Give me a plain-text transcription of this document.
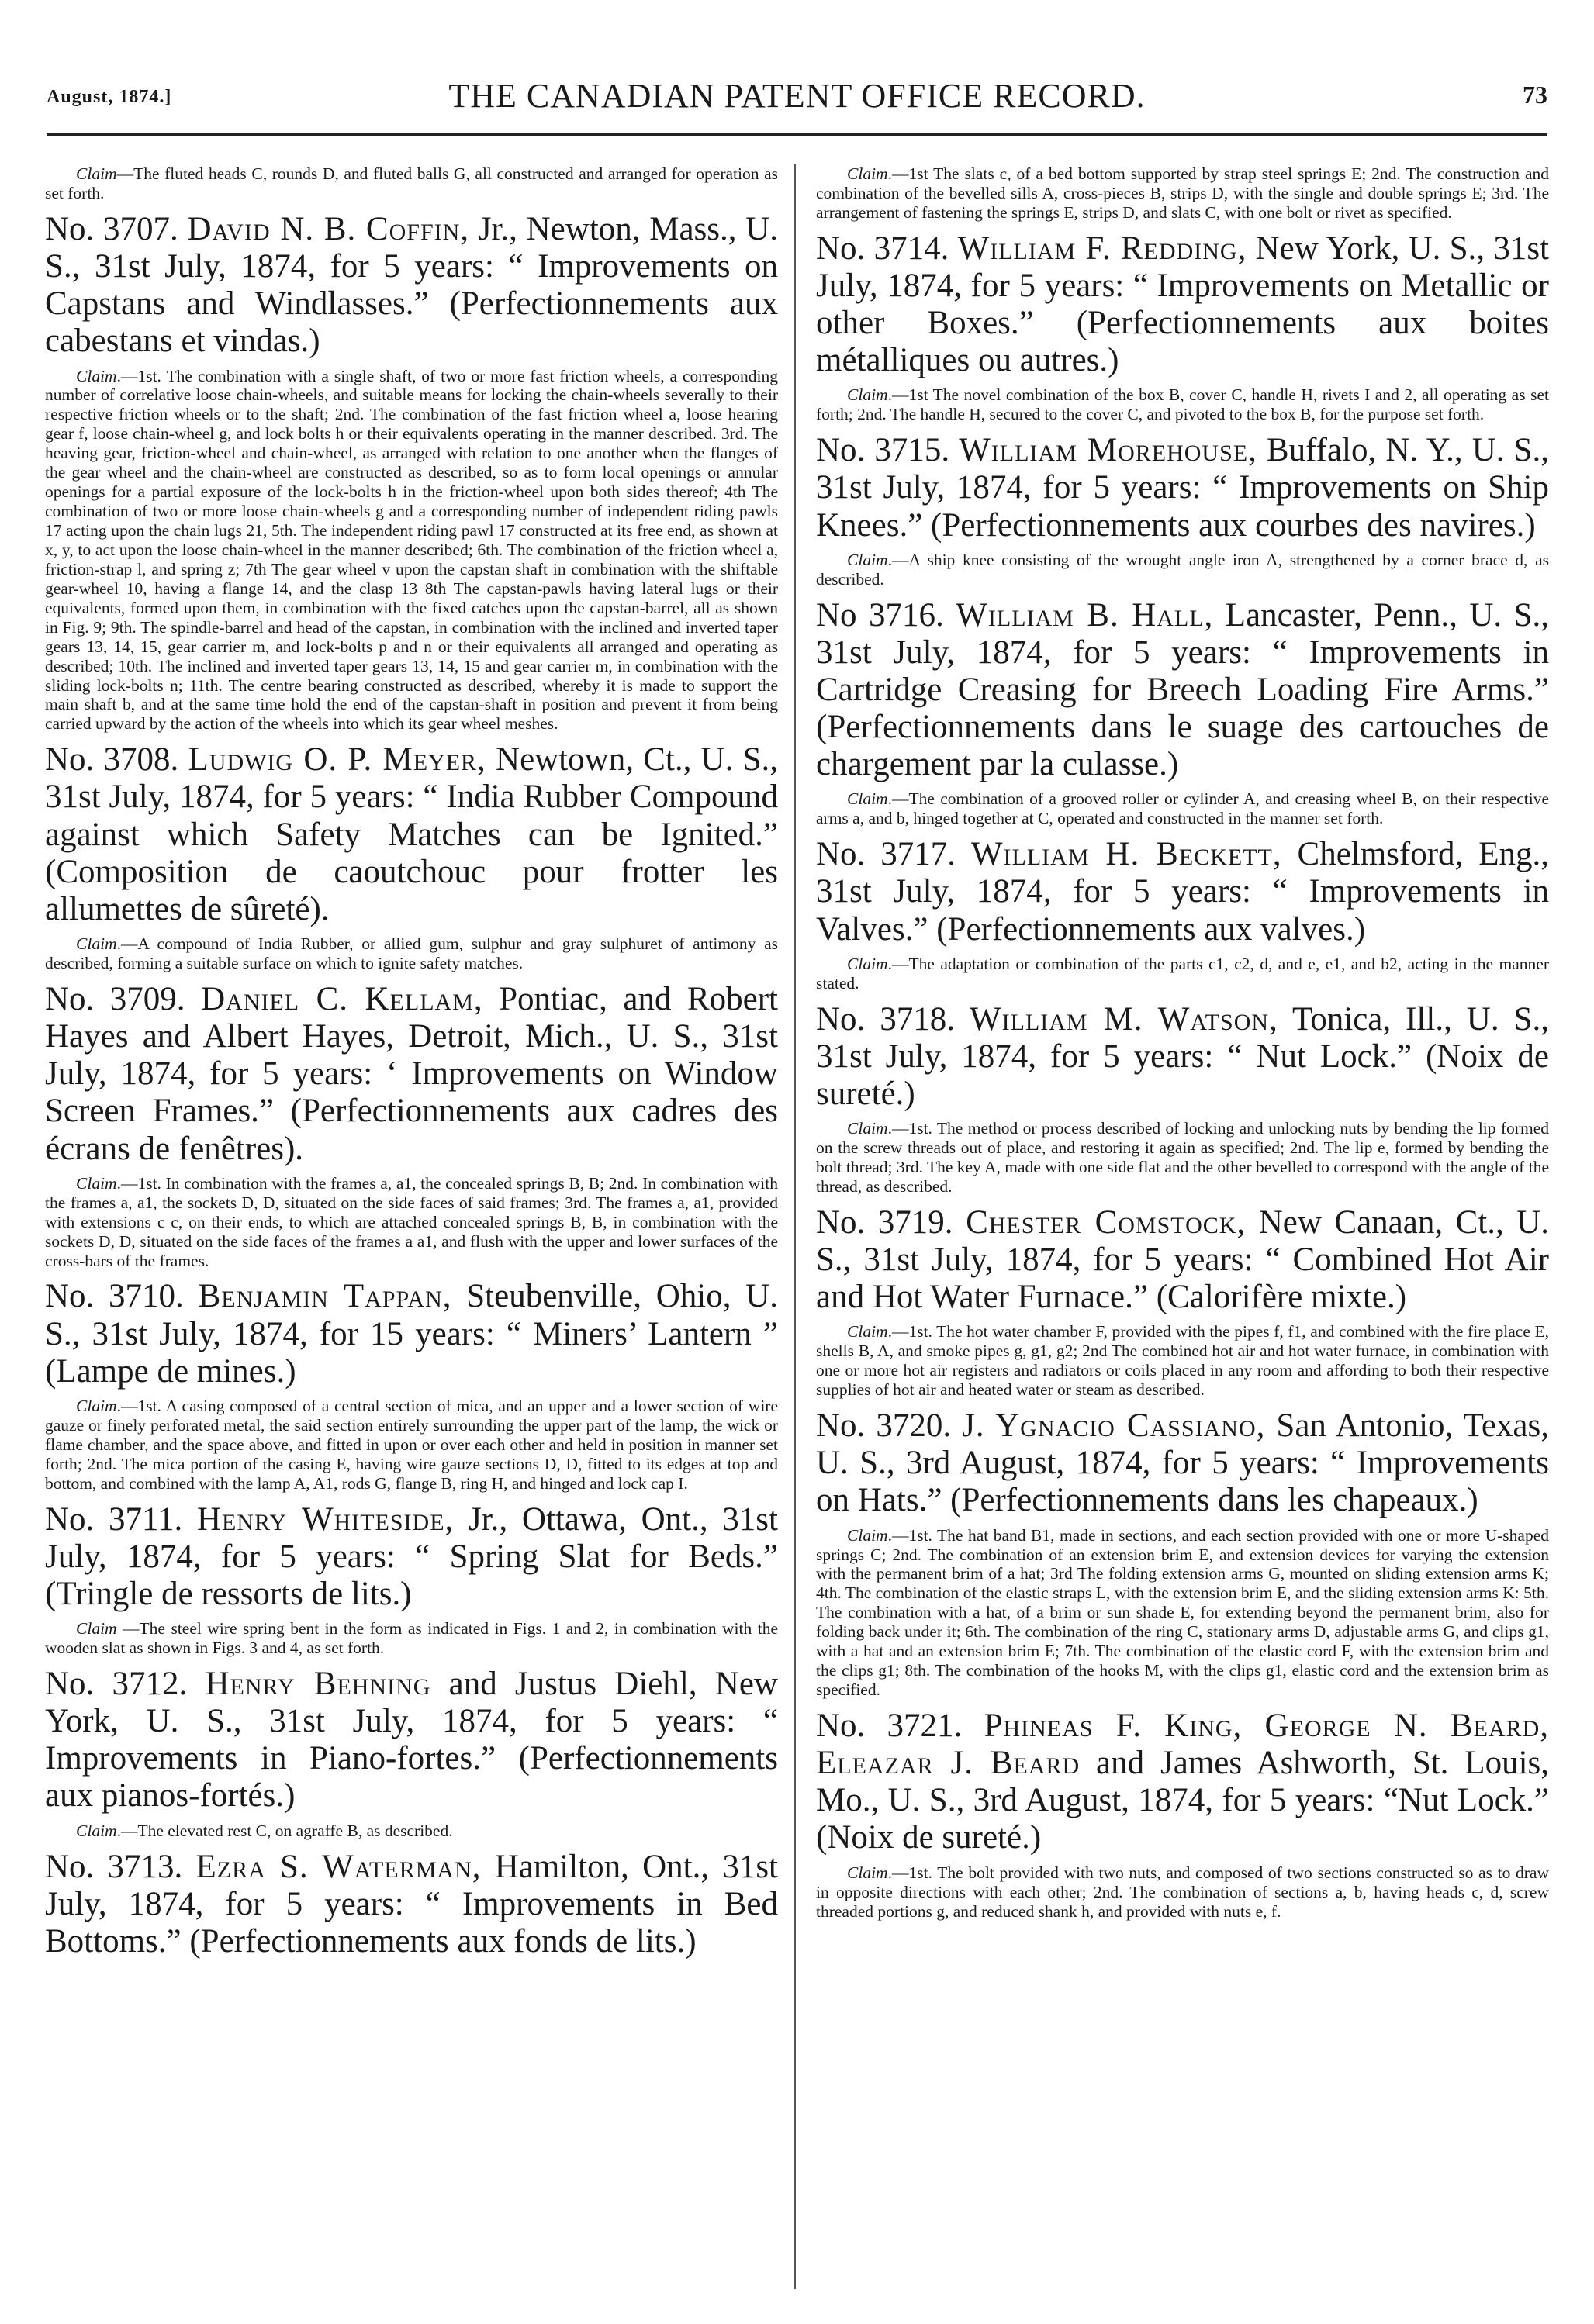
August, 1874.]	THE CANADIAN PATENT OFFICE RECORD.	73

Claim—The fluted heads C, rounds D, and fluted balls G, all constructed and arranged for operation as set forth.

No. 3707. David N. B. Coffin, Jr., Newton, Mass., U. S., 31st July, 1874, for 5 years: “ Improvements on Capstans and Windlasses.” (Perfectionnements aux cabestans et vindas.)

Claim.—1st. The combination with a single shaft, of two or more fast friction wheels, a corresponding number of correlative loose chain-wheels, and suitable means for locking the chain-wheels severally to their respective friction wheels or to the shaft; 2nd. The combination of the fast friction wheel a, loose hearing gear f, loose chain-wheel g, and lock bolts h or their equivalents operating in the manner described. 3rd. The heaving gear, friction-wheel and chain-wheel, as arranged with relation to one another when the flanges of the gear wheel and the chain-wheel are constructed as described, so as to form local openings or annular openings for a partial exposure of the lock-bolts h in the friction-wheel upon both sides thereof; 4th The combination of two or more loose chain-wheels g and a corresponding number of independent riding pawls 17 acting upon the chain lugs 21, 5th. The independent riding pawl 17 constructed at its free end, as shown at x, y, to act upon the loose chain-wheel in the manner described; 6th. The combination of the friction wheel a, friction-strap l, and spring z; 7th The gear wheel v upon the capstan shaft in combination with the shiftable gear-wheel 10, having a flange 14, and the clasp 13 8th The capstan-pawls having lateral lugs or their equivalents, formed upon them, in combination with the fixed catches upon the capstan-barrel, all as shown in Fig. 9; 9th. The spindle-barrel and head of the capstan, in combination with the inclined and inverted taper gears 13, 14, 15, gear carrier m, and lock-bolts p and n or their equivalents all arranged and operating as described; 10th. The inclined and inverted taper gears 13, 14, 15 and gear carrier m, in combination with the sliding lock-bolts n; 11th. The centre bearing constructed as described, whereby it is made to support the main shaft b, and at the same time hold the end of the capstan-shaft in position and prevent it from being carried upward by the action of the wheels into which its gear wheel meshes.

No. 3708. Ludwig O. P. Meyer, Newtown, Ct., U. S., 31st July, 1874, for 5 years: “ India Rubber Compound against which Safety Matches can be Ignited.” (Composition de caoutchouc pour frotter les allumettes de sûreté).

Claim.—A compound of India Rubber, or allied gum, sulphur and gray sulphuret of antimony as described, forming a suitable surface on which to ignite safety matches.

No. 3709. Daniel C. Kellam, Pontiac, and Robert Hayes and Albert Hayes, Detroit, Mich., U. S., 31st July, 1874, for 5 years: ‘ Improvements on Window Screen Frames.” (Perfectionnements aux cadres des écrans de fenêtres).

Claim.—1st. In combination with the frames a, a1, the concealed springs B, B; 2nd. In combination with the frames a, a1, the sockets D, D, situated on the side faces of said frames; 3rd. The frames a, a1, provided with extensions c c, on their ends, to which are attached concealed springs B, B, in combination with the sockets D, D, situated on the side faces of the frames a a1, and flush with the upper and lower surfaces of the cross-bars of the frames.

No. 3710. Benjamin Tappan, Steubenville, Ohio, U. S., 31st July, 1874, for 15 years: “ Miners’ Lantern ” (Lampe de mines.)

Claim.—1st. A casing composed of a central section of mica, and an upper and a lower section of wire gauze or finely perforated metal, the said section entirely surrounding the upper part of the lamp, the wick or flame chamber, and the space above, and fitted in upon or over each other and held in position in manner set forth; 2nd. The mica portion of the casing E, having wire gauze sections D, D, fitted to its edges at top and bottom, and combined with the lamp A, A1, rods G, flange B, ring H, and hinged and lock cap I.

No. 3711. Henry Whiteside, Jr., Ottawa, Ont., 31st July, 1874, for 5 years: “ Spring Slat for Beds.” (Tringle de ressorts de lits.)

Claim —The steel wire spring bent in the form as indicated in Figs. 1 and 2, in combination with the wooden slat as shown in Figs. 3 and 4, as set forth.

No. 3712. Henry Behning and Justus Diehl, New York, U. S., 31st July, 1874, for 5 years: “ Improvements in Piano-fortes.” (Perfectionnements aux pianos-fortés.)

Claim.—The elevated rest C, on agraffe B, as described.

No. 3713. Ezra S. Waterman, Hamilton, Ont., 31st July, 1874, for 5 years: “ Improvements in Bed Bottoms.” (Perfectionnements aux fonds de lits.)

Claim.—1st The slats c, of a bed bottom supported by strap steel springs E; 2nd. The construction and combination of the bevelled sills A, cross-pieces B, strips D, with the single and double springs E; 3rd. The arrangement of fastening the springs E, strips D, and slats C, with one bolt or rivet as specified.

No. 3714. William F. Redding, New York, U. S., 31st July, 1874, for 5 years: “ Improvements on Metallic or other Boxes.” (Perfectionnements aux boites métalliques ou autres.)

Claim.—1st The novel combination of the box B, cover C, handle H, rivets I and 2, all operating as set forth; 2nd. The handle H, secured to the cover C, and pivoted to the box B, for the purpose set forth.

No. 3715. William Morehouse, Buffalo, N. Y., U. S., 31st July, 1874, for 5 years: “ Improvements on Ship Knees.” (Perfectionnements aux courbes des navires.)

Claim.—A ship knee consisting of the wrought angle iron A, strengthened by a corner brace d, as described.

No 3716. William B. Hall, Lancaster, Penn., U. S., 31st July, 1874, for 5 years: “ Improvements in Cartridge Creasing for Breech Loading Fire Arms.” (Perfectionnements dans le suage des cartouches de chargement par la culasse.)

Claim.—The combination of a grooved roller or cylinder A, and creasing wheel B, on their respective arms a, and b, hinged together at C, operated and constructed in the manner set forth.

No. 3717. William H. Beckett, Chelmsford, Eng., 31st July, 1874, for 5 years: “ Improvements in Valves.” (Perfectionnements aux valves.)

Claim.—The adaptation or combination of the parts c1, c2, d, and e, e1, and b2, acting in the manner stated.

No. 3718. William M. Watson, Tonica, Ill., U. S., 31st July, 1874, for 5 years: “ Nut Lock.” (Noix de sureté.)

Claim.—1st. The method or process described of locking and unlocking nuts by bending the lip formed on the screw threads out of place, and restoring it again as specified; 2nd. The lip e, formed by bending the bolt thread; 3rd. The key A, made with one side flat and the other bevelled to correspond with the angle of the thread, as described.

No. 3719. Chester Comstock, New Canaan, Ct., U. S., 31st July, 1874, for 5 years: “ Combined Hot Air and Hot Water Furnace.” (Calorifère mixte.)

Claim.—1st. The hot water chamber F, provided with the pipes f, f1, and combined with the fire place E, shells B, A, and smoke pipes g, g1, g2; 2nd The combined hot air and hot water furnace, in combination with one or more hot air registers and radiators or coils placed in any room and affording to both their respective supplies of hot air and heated water or steam as described.

No. 3720. J. Ygnacio Cassiano, San Antonio, Texas, U. S., 3rd August, 1874, for 5 years: “ Improvements on Hats.” (Perfectionnements dans les chapeaux.)

Claim.—1st. The hat band B1, made in sections, and each section provided with one or more U-shaped springs C; 2nd. The combination of an extension brim E, and extension devices for varying the extension with the permanent brim of a hat; 3rd The folding extension arms G, mounted on sliding extension arms K; 4th. The combination of the elastic straps L, with the extension brim E, and the sliding extension arms K: 5th. The combination with a hat, of a brim or sun shade E, for extending beyond the permanent brim, also for folding back under it; 6th. The combination of the ring C, stationary arms D, adjustable arms G, and clips g1, with a hat and an extension brim E; 7th. The combination of the elastic cord F, with the extension brim and the clips g1; 8th. The combination of the hooks M, with the clips g1, elastic cord and the extension brim as specified.

No. 3721. Phineas F. King, George N. Beard, Eleazar J. Beard and James Ashworth, St. Louis, Mo., U. S., 3rd August, 1874, for 5 years: “Nut Lock.” (Noix de sureté.)

Claim.—1st. The bolt provided with two nuts, and composed of two sections constructed so as to draw in opposite directions with each other; 2nd. The combination of sections a, b, having heads c, d, screw threaded portions g, and reduced shank h, and provided with nuts e, f.
